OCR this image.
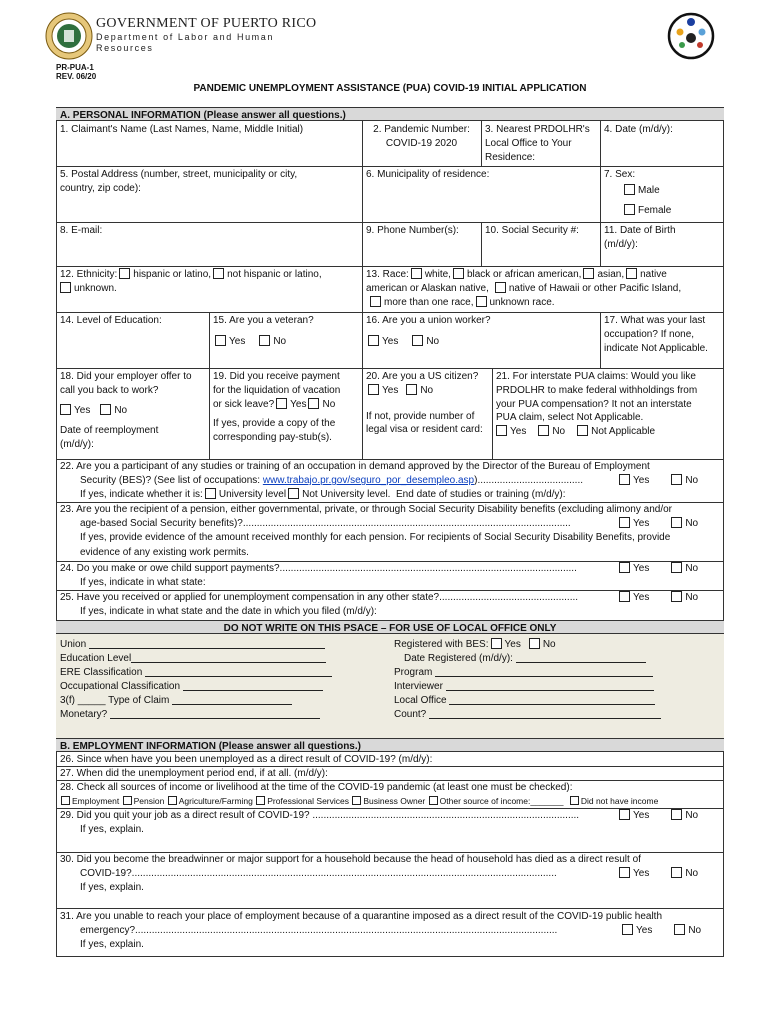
GOVERNMENT OF PUERTO RICO
Department of Labor and Human
Resources
PR-PUA-1
REV. 06/20
PANDEMIC UNEMPLOYMENT ASSISTANCE (PUA) COVID-19 INITIAL APPLICATION
A. PERSONAL INFORMATION (Please answer all questions.)
1. Claimant's Name (Last Names, Name, Middle Initial)	2. Pandemic Number:
COVID-19 2020
3. Nearest PRDOLHR's
Local Office to Your
Residence:
4. Date (m/d/y):
5. Postal Address (number, street, municipality or city,
country, zip code):
6. Municipality of residence:	7. Sex:
Male
Female
8. E-mail:	9. Phone Number(s):	10. Social Security #:	11. Date of Birth
(m/d/y):
12. Ethnicity: hispanic or latino, not hispanic or latino,
unknown.
13. Race: white, black or african american, asian, native
american or Alaskan native, native of Hawaii or other Pacific Island,
more than one race, unknown race.
14. Level of Education:	15. Are you a veteran?
Yes	No
16. Are you a union worker?
Yes	No
17. What was your last
occupation? If none,
indicate Not Applicable.
18. Did your employer offer to
call you back to work?
Yes No
Date of reemployment
(m/d/y):
19. Did you receive payment
for the liquidation of vacation
or sick leave? Yes No
If yes, provide a copy of the
corresponding pay-stub(s).
20. Are you a US citizen?
Yes No
If not, provide number of
legal visa or resident card:
21. For interstate PUA claims: Would you like
PRDOLHR to make federal withholdings from
your PUA compensation? It not an interstate
PUA claim, select Not Applicable.
Yes	No	Not Applicable
22. Are you a participant of any studies or training of an occupation in demand approved by the Director of the Bureau of Employment
Security (BES)? (See list of occupations: www.trabajo.pr.gov/seguro_por_desempleo.asp)......................................
If yes, indicate whether it is: University level Not University level. End date of studies or training (m/d/y):
Yes	No
23. Are you the recipient of a pension, either governmental, private, or through Social Security Disability benefits (excluding alimony and/or
age-based Social Security benefits)?......................................................................................................................
If yes, provide evidence of the amount received monthly for each pension. For recipients of Social Security Disability Benefits, provide
evidence of any existing work permits.
Yes	No
24. Do you make or owe child support payments?...........................................................................................................
If yes, indicate in what state:
Yes	No
25. Have you received or applied for unemployment compensation in any other state?..................................................
If yes, indicate in what state and the date in which you filed (m/d/y):
Yes	No
DO NOT WRITE ON THIS PSACE – FOR USE OF LOCAL OFFICE ONLY
Union
Education Level
ERE Classification
Occupational Classification
3(f) _____ Type of Claim
Monetary?
Registered with BES: Yes No
Date Registered (m/d/y):
Program
Interviewer
Local Office
Count?
B. EMPLOYMENT INFORMATION (Please answer all questions.)
26. Since when have you been unemployed as a direct result of COVID-19? (m/d/y):
27. When did the unemployment period end, if at all. (m/d/y):
28. Check all sources of income or livelihood at the time of the COVID-19 pandemic (at least one must be checked):
Employment Pension Agriculture/Farming Professional Services Business Owner Other source of income:_______ Did not have income
29. Did you quit your job as a direct result of COVID-19? ................................................................................................
If yes, explain.
Yes	No
30. Did you become the breadwinner or major support for a household because the head of household has died as a direct result of
COVID-19?.........................................................................................................................................................
If yes, explain.
Yes	No
31. Are you unable to reach your place of employment because of a quarantine imposed as a direct result of the COVID-19 public health
emergency?........................................................................................................................................................
If yes, explain.
Yes	No
